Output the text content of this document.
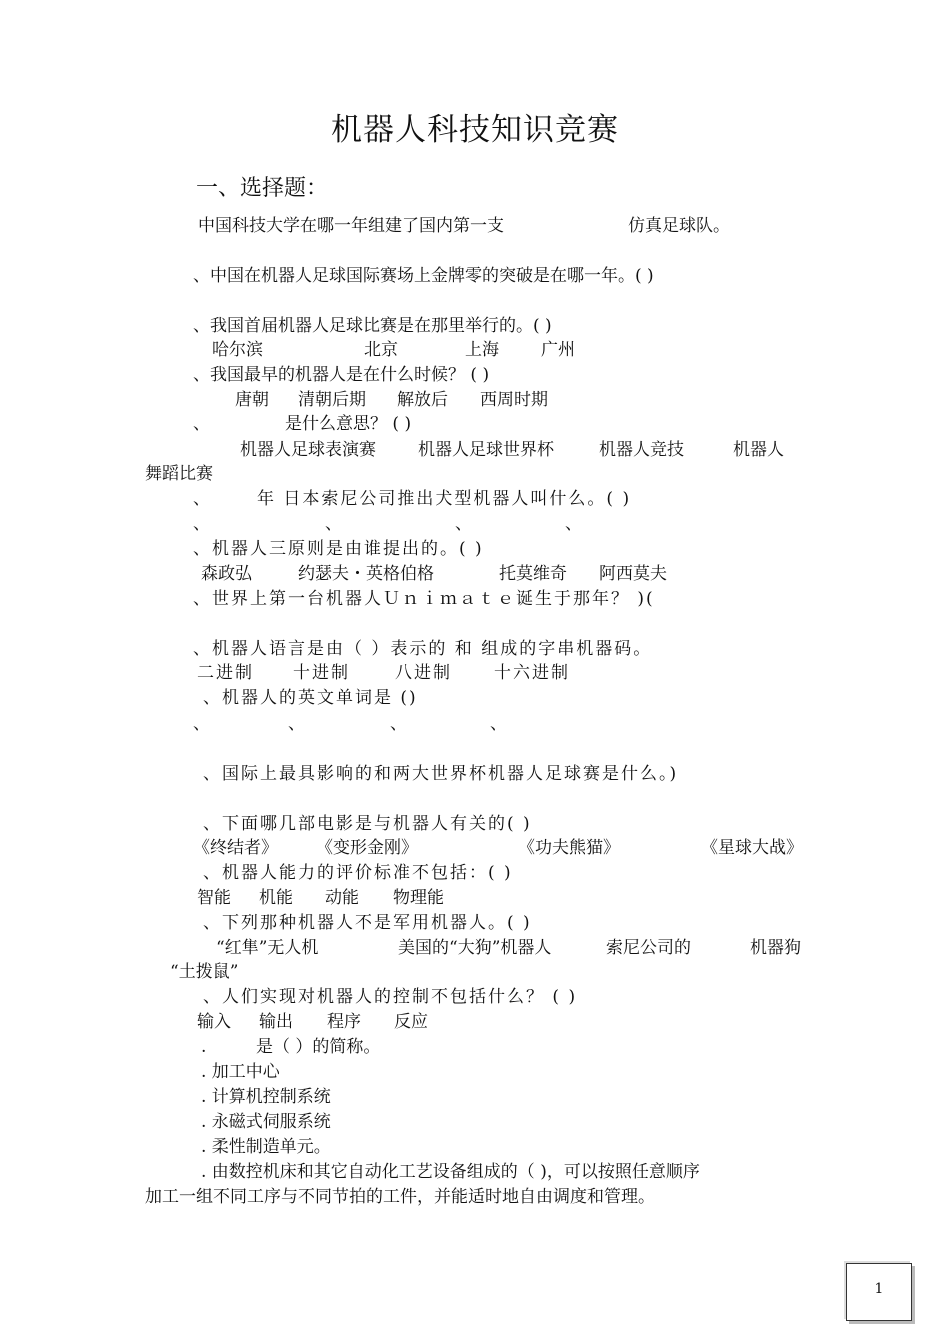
机器人科技知识竞赛
一、选择题：
中国科技大学在哪一年组建了国内第一支	仿真足球队。
、中国在机器人足球国际赛场上金牌零的突破是在哪一年。( )
、我国首届机器人足球比赛是在那里举行的。( )
哈尔滨	北京	上海 广州
、我国最早的机器人是在什么时候？ ( )
唐朝 清朝后期 解放后 西周时期
、	是什么意思？ ( )
机器人足球表演赛 机器人足球世界杯	机器人竞技	机器人
舞蹈比赛
、	年 日本索尼公司推出犬型机器人叫什么。( )
、	、	、	、
、机器人三原则是由谁提出的。( )
森政弘	约瑟夫・英格伯格	托莫维奇 阿西莫夫
、世界上第一台机器人Ｕｎｉｍａｔｅ诞生于那年？ )(
、机器人语言是由（ ）表示的 和 组成的字串机器码。
二进制 十进制	八进制 十六进制
、机器人的英文单词是 ()
、	、	、	、
、国际上最具影响的和两大世界杯机器人足球赛是什么。)
、下面哪几部电影是与机器人有关的( )
《终结者》 《变形金刚》	《功夫熊猫》	《星球大战》
、机器人能力的评价标准不包括：( )
智能 机能 动能 物理能
、下列那种机器人不是军用机器人。( )
“红隼”无人机	美国的“大狗”机器人	索尼公司的	机器狗
“土拨鼠”
、人们实现对机器人的控制不包括什么？ ( )
输入 输出 程序 反应
.	是（ ）的简称。
. 加工中心
. 计算机控制系统
. 永磁式伺服系统
. 柔性制造单元。
. 由数控机床和其它自动化工艺设备组成的（ )，可以按照任意顺序
加工一组不同工序与不同节拍的工件，并能适时地自由调度和管理。
1
